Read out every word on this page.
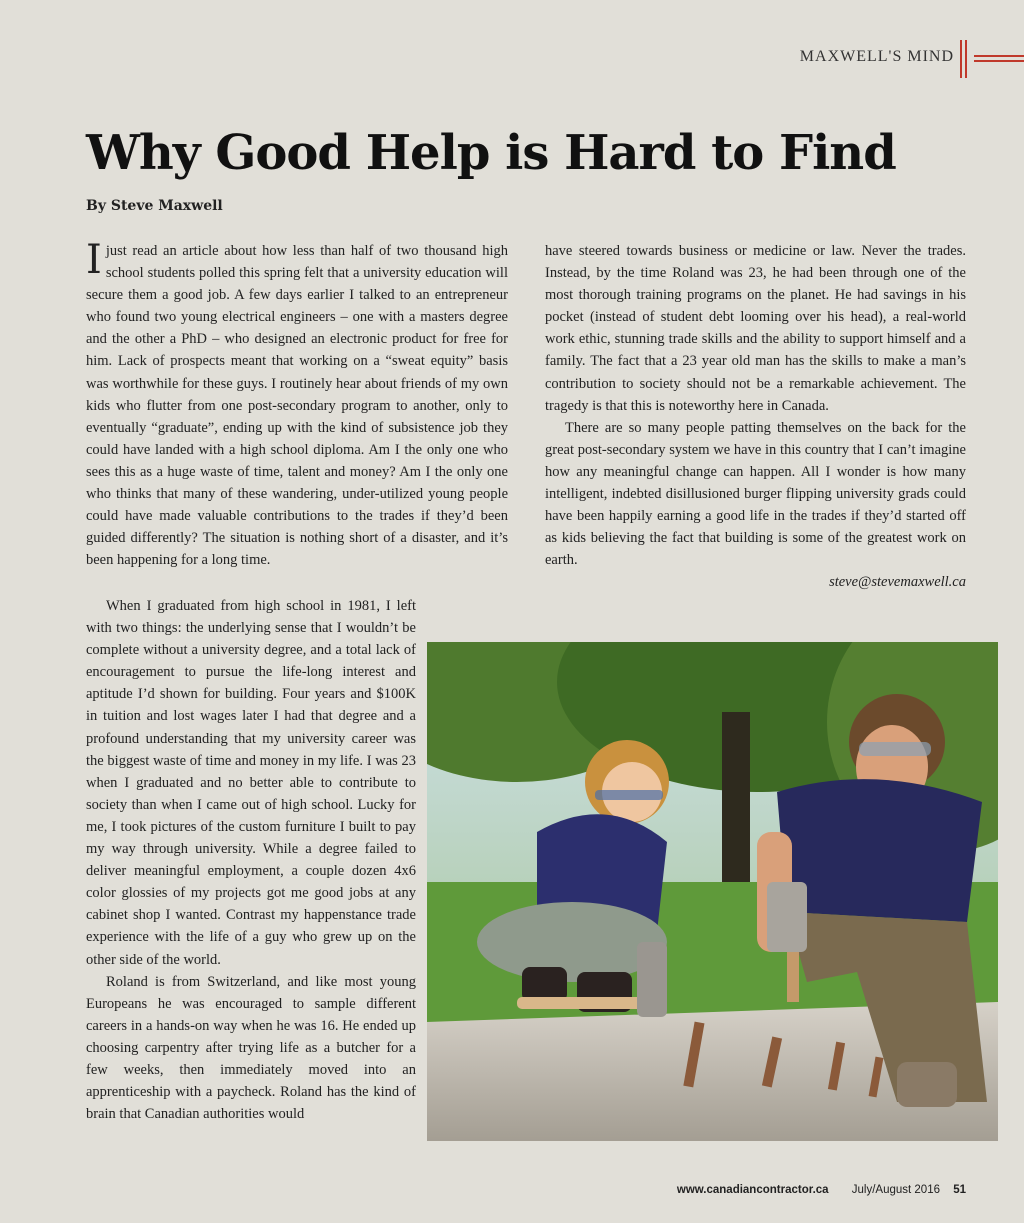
MAXWELL'S MIND
Why Good Help is Hard to Find
By Steve Maxwell

Ijust read an article about how less than half of two thousand high school students polled this spring felt that a university education will secure them a good job. A few days earlier I talked to an entrepreneur who found two young electrical engineers – one with a masters degree and the other a PhD – who designed an electronic product for free for him. Lack of prospects meant that working on a “sweat equity” basis was worthwhile for these guys. I routinely hear about friends of my own kids who flutter from one post-secondary program to another, only to eventually “graduate”, ending up with the kind of subsistence job they could have landed with a high school diploma. Am I the only one who sees this as a huge waste of time, talent and money? Am I the only one who thinks that many of these wandering, under-utilized young people could have made valuable contributions to the trades if they’d been guided differently? The situation is nothing short of a disaster, and it’s been happening for a long time.

When I graduated from high school in 1981, I left with two things: the underlying sense that I wouldn’t be complete without a university degree, and a total lack of encouragement to pursue the life-long interest and aptitude I’d shown for building. Four years and $100K in tuition and lost wages later I had that degree and a profound understanding that my university career was the biggest waste of time and money in my life. I was 23 when I graduated and no better able to contribute to society than when I came out of high school. Lucky for me, I took pictures of the custom furniture I built to pay my way through university. While a degree failed to deliver meaningful employment, a couple dozen 4x6 color glossies of my projects got me good jobs at any cabinet shop I wanted. Contrast my happenstance trade experience with the life of a guy who grew up on the other side of the world.

Roland is from Switzerland, and like most young Europeans he was encouraged to sample different careers in a hands-on way when he was 16. He ended up choosing carpentry after trying life as a butcher for a few weeks, then immediately moved into an apprenticeship with a paycheck. Roland has the kind of brain that Canadian authorities would

have steered towards business or medicine or law. Never the trades. Instead, by the time Roland was 23, he had been through one of the most thorough training programs on the planet. He had savings in his pocket (instead of student debt looming over his head), a real-world work ethic, stunning trade skills and the ability to support himself and a family. The fact that a 23 year old man has the skills to make a man’s contribution to society should not be a remarkable achievement. The tragedy is that this is noteworthy here in Canada.

There are so many people patting themselves on the back for the great post-secondary system we have in this country that I can’t imagine how any meaningful change can happen. All I wonder is how many intelligent, indebted disillusioned burger flipping university grads could have been happily earning a good life in the trades if they’d started off as kids believing the fact that building is some of the greatest work on earth.

steve@stevemaxwell.ca

www.canadiancontractor.ca July/August 2016 51
